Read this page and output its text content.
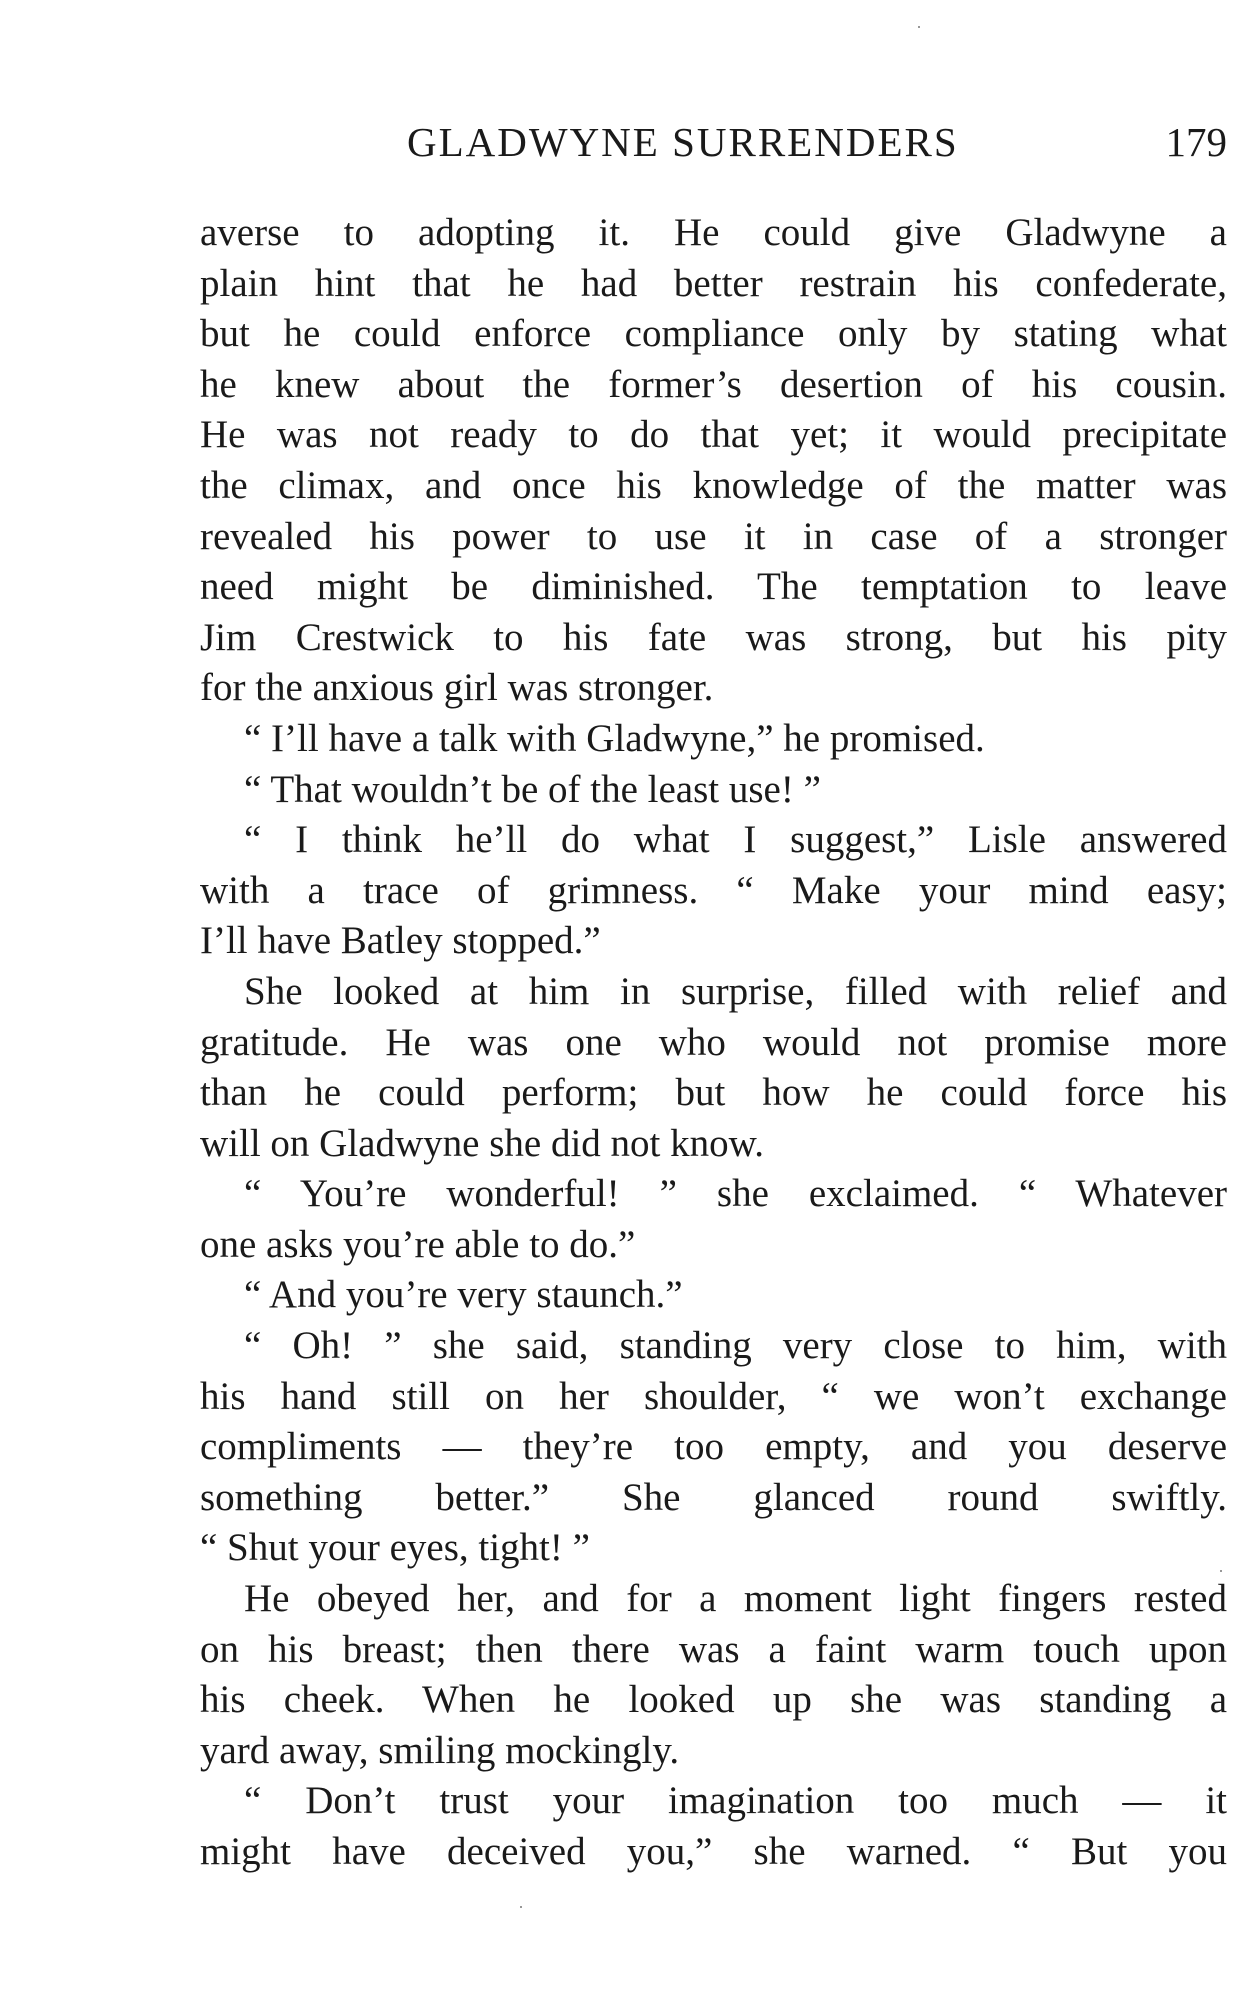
GLADWYNE SURRENDERS	179
averse to adopting it. He could give Gladwyne a
plain hint that he had better restrain his confederate,
but he could enforce compliance only by stating what
he knew about the former’s desertion of his cousin.
He was not ready to do that yet; it would precipitate
the climax, and once his knowledge of the matter was
revealed his power to use it in case of a stronger
need might be diminished. The temptation to leave
Jim Crestwick to his fate was strong, but his pity
for the anxious girl was stronger.
“ I’ll have a talk with Gladwyne,” he promised.
“ That wouldn’t be of the least use! ”
“ I think he’ll do what I suggest,” Lisle answered
with a trace of grimness. “ Make your mind easy;
I’ll have Batley stopped.”
She looked at him in surprise, filled with relief and
gratitude. He was one who would not promise more
than he could perform; but how he could force his
will on Gladwyne she did not know.
“ You’re wonderful! ” she exclaimed. “ Whatever
one asks you’re able to do.”
“ And you’re very staunch.”
“ Oh! ” she said, standing very close to him, with
his hand still on her shoulder, “ we won’t exchange
compliments — they’re too empty, and you deserve
something better.” She glanced round swiftly.
“ Shut your eyes, tight! ”
He obeyed her, and for a moment light fingers rested
on his breast; then there was a faint warm touch upon
his cheek. When he looked up she was standing a
yard away, smiling mockingly.
“ Don’t trust your imagination too much — it
might have deceived you,” she warned. “ But you
